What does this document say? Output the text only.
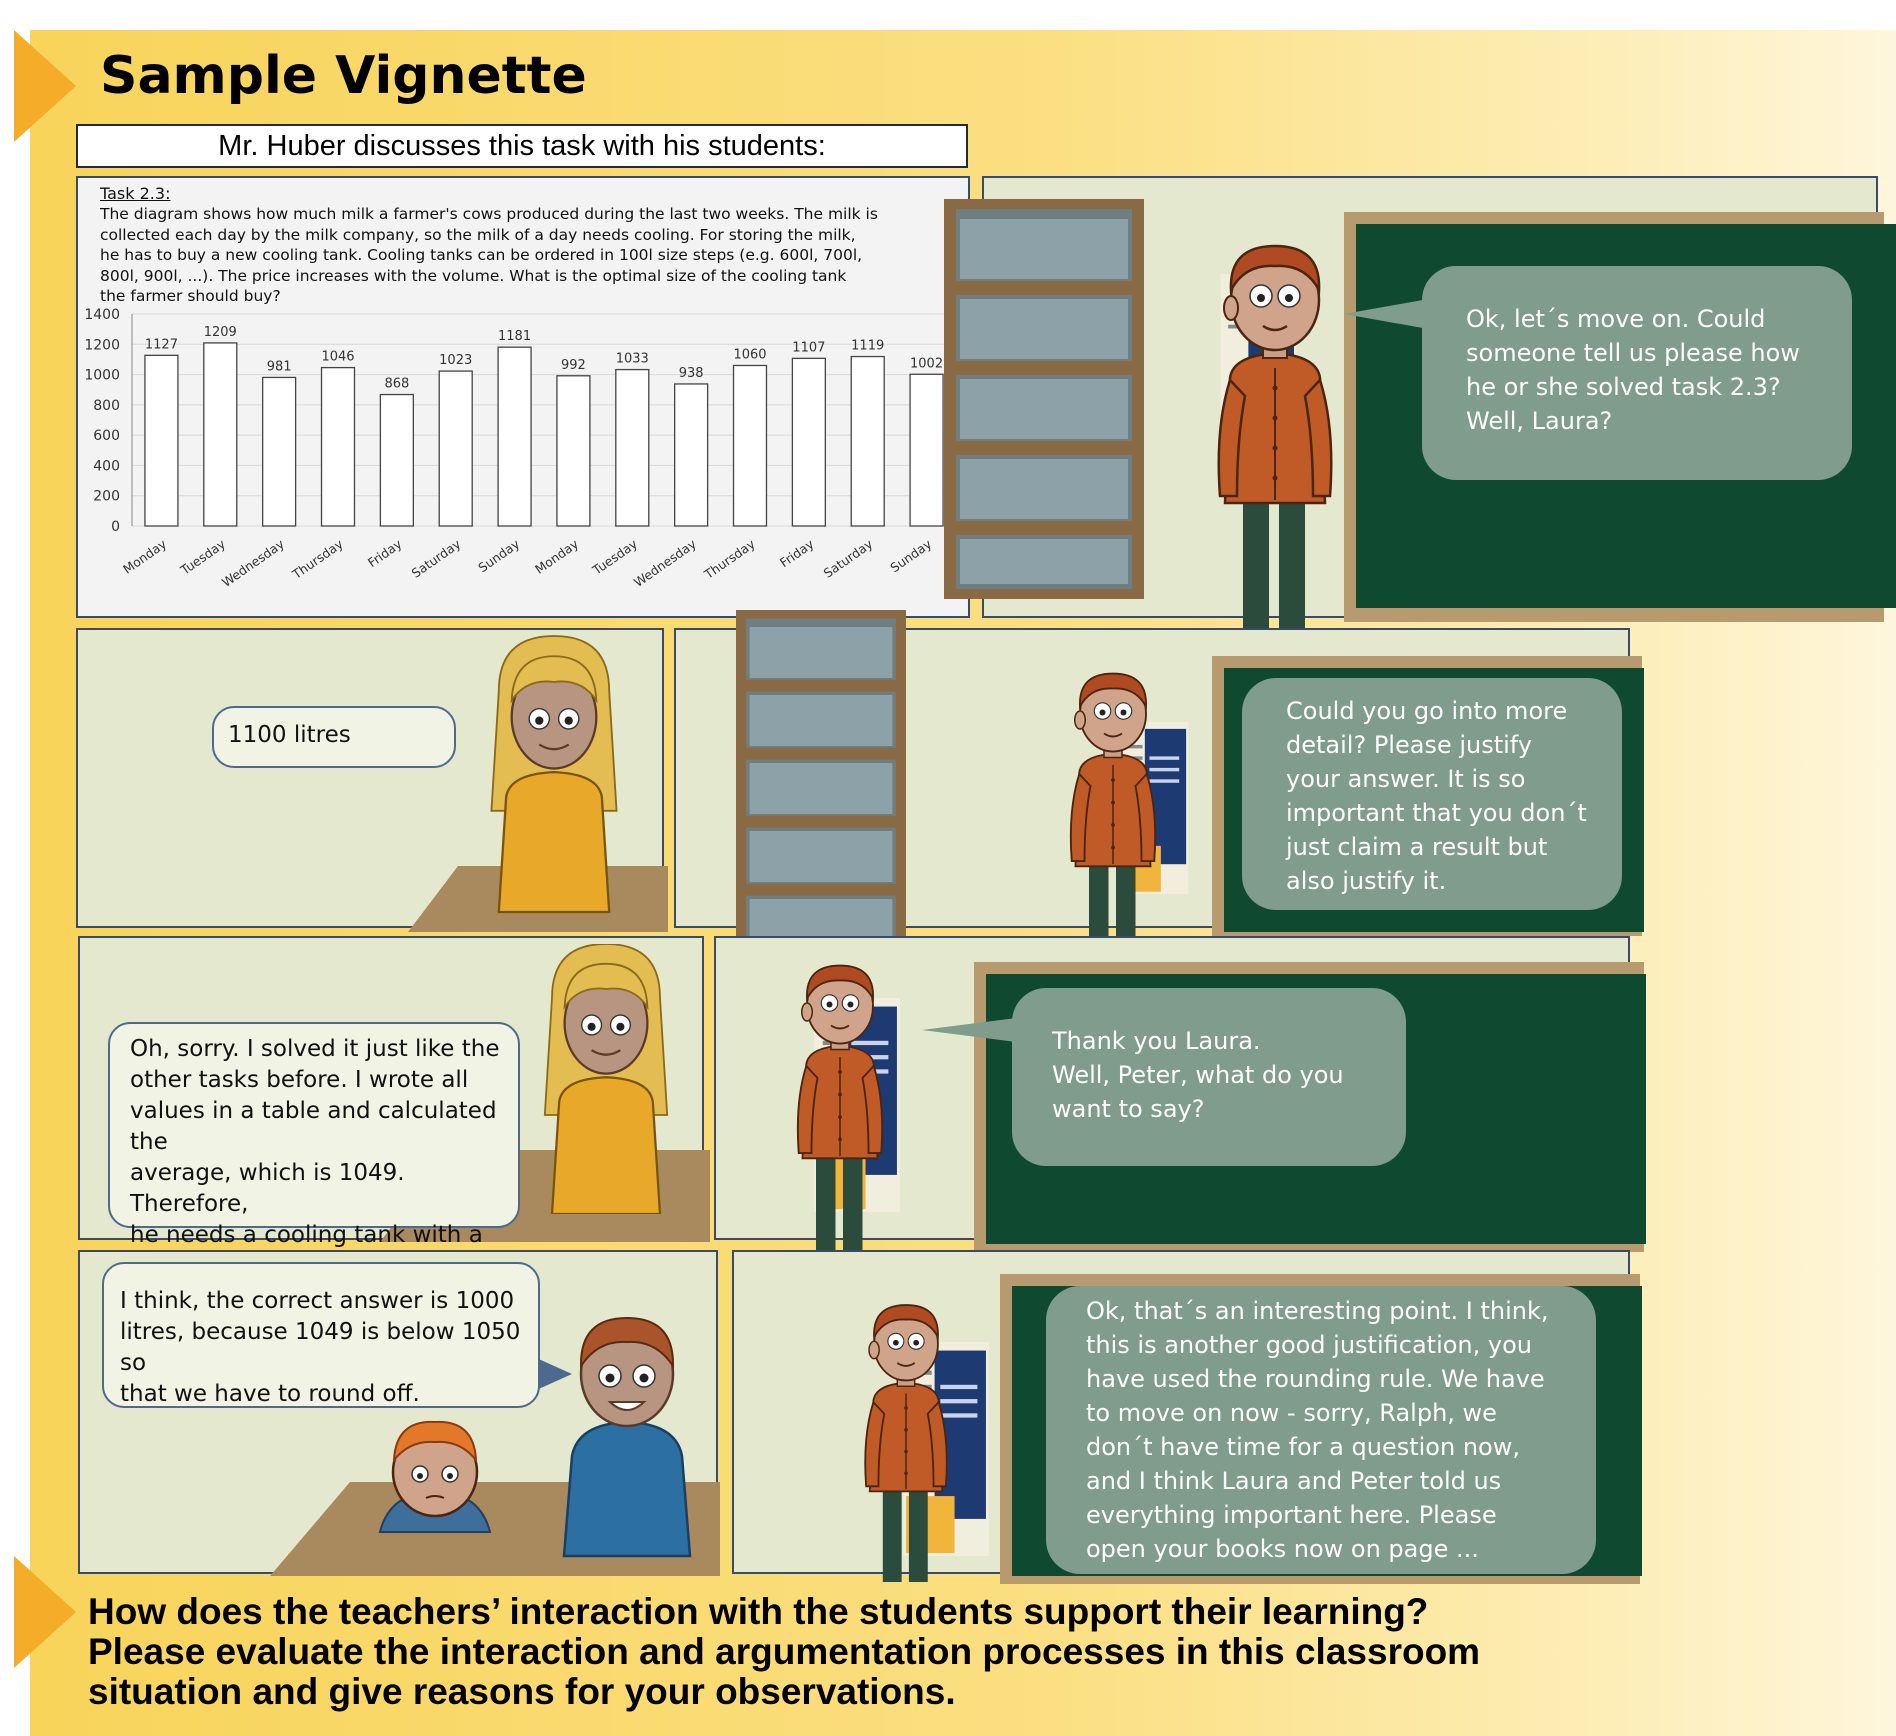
Sample Vignette
Mr. Huber discusses this task with his students:
Task 2.3:
The diagram shows how much milk a farmer's cows produced during the last two weeks. The milk is
collected each day by the milk company, so the milk of a day needs cooling. For storing the milk,
he has to buy a new cooling tank. Cooling tanks can be ordered in 100l size steps (e.g. 600l, 700l,
800l, 900l, ...). The price increases with the volume. What is the optimal size of the cooling tank
the farmer should buy?
0
200
400
600
800
1000
1200
1400
1127
Monday
1209
Tuesday
981
Wednesday
1046
Thursday
868
Friday
1023
Saturday
1181
Sunday
992
Monday
1033
Tuesday
938
Wednesday
1060
Thursday
1107
Friday
1119
Saturday
1002
Sunday
Ok, let´s move on. Could
someone tell us please how
he or she solved task 2.3?
Well, Laura?
1100 litres
Could you go into more
detail? Please justify
your answer. It is so
important that you don´t
just claim a result but
also justify it.
Oh, sorry. I solved it just like the
other tasks before. I wrote all
values in a table and calculated the
average, which is 1049. Therefore,
he needs a cooling tank with a
Thank you Laura.
Well, Peter, what do you
want to say?
I think, the correct answer is 1000
litres, because 1049 is below 1050 so
that we have to round off.
Ok, that´s an interesting point. I think,
this is another good justification, you
have used the rounding rule. We have
to move on now - sorry, Ralph, we
don´t have time for a question now,
and I think Laura and Peter told us
everything important here. Please
open your books now on page ...
How does the teachers’ interaction with the students support their learning?
Please evaluate the interaction and argumentation processes in this classroom
situation and give reasons for your observations.
